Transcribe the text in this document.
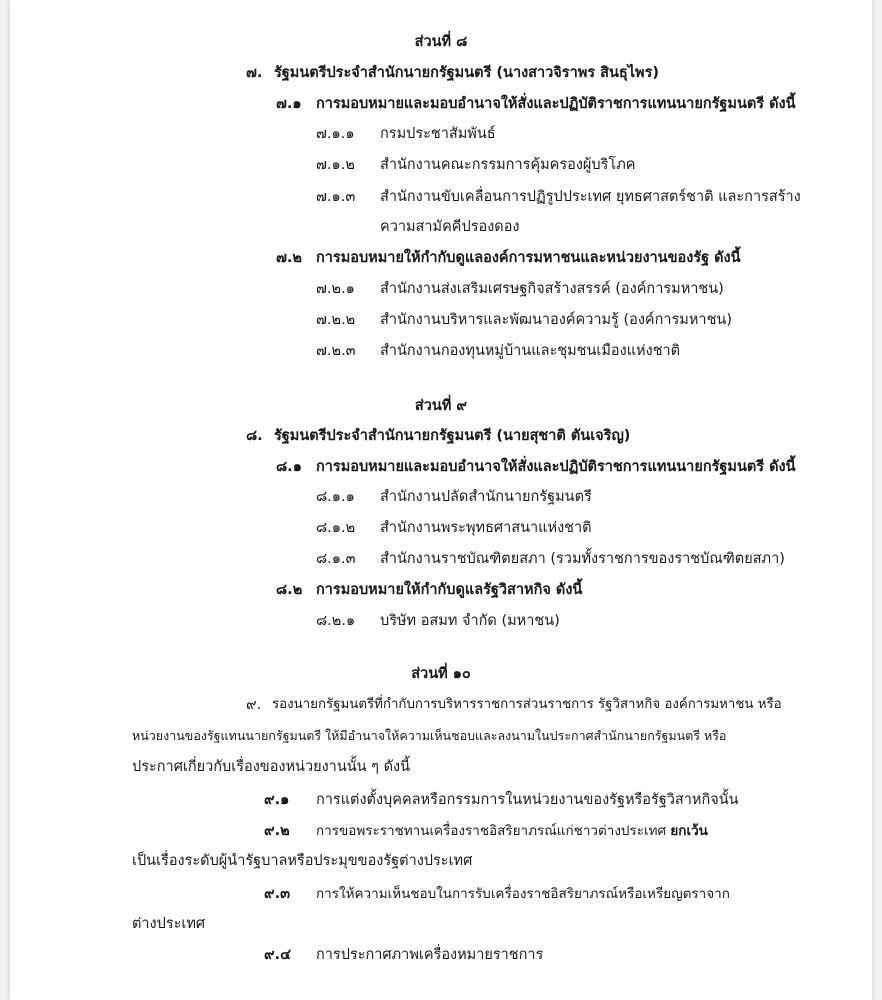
ส่วนที่ ๘
๗. รัฐมนตรีประจำสำนักนายกรัฐมนตรี (นางสาวจิราพร สินธุไพร)
๗.๑ การมอบหมายและมอบอำนาจให้สั่งและปฏิบัติราชการแทนนายกรัฐมนตรี ดังนี้
๗.๑.๑ กรมประชาสัมพันธ์
๗.๑.๒ สำนักงานคณะกรรมการคุ้มครองผู้บริโภค
๗.๑.๓ สำนักงานขับเคลื่อนการปฏิรูปประเทศ ยุทธศาสตร์ชาติ และการสร้าง
ความสามัคคีปรองดอง
๗.๒ การมอบหมายให้กำกับดูแลองค์การมหาชนและหน่วยงานของรัฐ ดังนี้
๗.๒.๑ สำนักงานส่งเสริมเศรษฐกิจสร้างสรรค์ (องค์การมหาชน)
๗.๒.๒ สำนักงานบริหารและพัฒนาองค์ความรู้ (องค์การมหาชน)
๗.๒.๓ สำนักงานกองทุนหมู่บ้านและชุมชนเมืองแห่งชาติ
ส่วนที่ ๙
๘. รัฐมนตรีประจำสำนักนายกรัฐมนตรี (นายสุชาติ ตันเจริญ)
๘.๑ การมอบหมายและมอบอำนาจให้สั่งและปฏิบัติราชการแทนนายกรัฐมนตรี ดังนี้
๘.๑.๑ สำนักงานปลัดสำนักนายกรัฐมนตรี
๘.๑.๒ สำนักงานพระพุทธศาสนาแห่งชาติ
๘.๑.๓ สำนักงานราชบัณฑิตยสภา (รวมทั้งราชการของราชบัณฑิตยสภา)
๘.๒ การมอบหมายให้กำกับดูแลรัฐวิสาหกิจ ดังนี้
๘.๒.๑ บริษัท อสมท จำกัด (มหาชน)
ส่วนที่ ๑๐
๙. รองนายกรัฐมนตรีที่กำกับการบริหารราชการส่วนราชการ รัฐวิสาหกิจ องค์การมหาชน หรือ
หน่วยงานของรัฐแทนนายกรัฐมนตรี ให้มีอำนาจให้ความเห็นชอบและลงนามในประกาศสำนักนายกรัฐมนตรี หรือ
ประกาศเกี่ยวกับเรื่องของหน่วยงานนั้น ๆ ดังนี้
๙.๑ การแต่งตั้งบุคคลหรือกรรมการในหน่วยงานของรัฐหรือรัฐวิสาหกิจนั้น
๙.๒ การขอพระราชทานเครื่องราชอิสริยาภรณ์แก่ชาวต่างประเทศ ยกเว้น
เป็นเรื่องระดับผู้นำรัฐบาลหรือประมุขของรัฐต่างประเทศ
๙.๓ การให้ความเห็นชอบในการรับเครื่องราชอิสริยาภรณ์หรือเหรียญตราจาก
ต่างประเทศ
๙.๔ การประกาศภาพเครื่องหมายราชการ
